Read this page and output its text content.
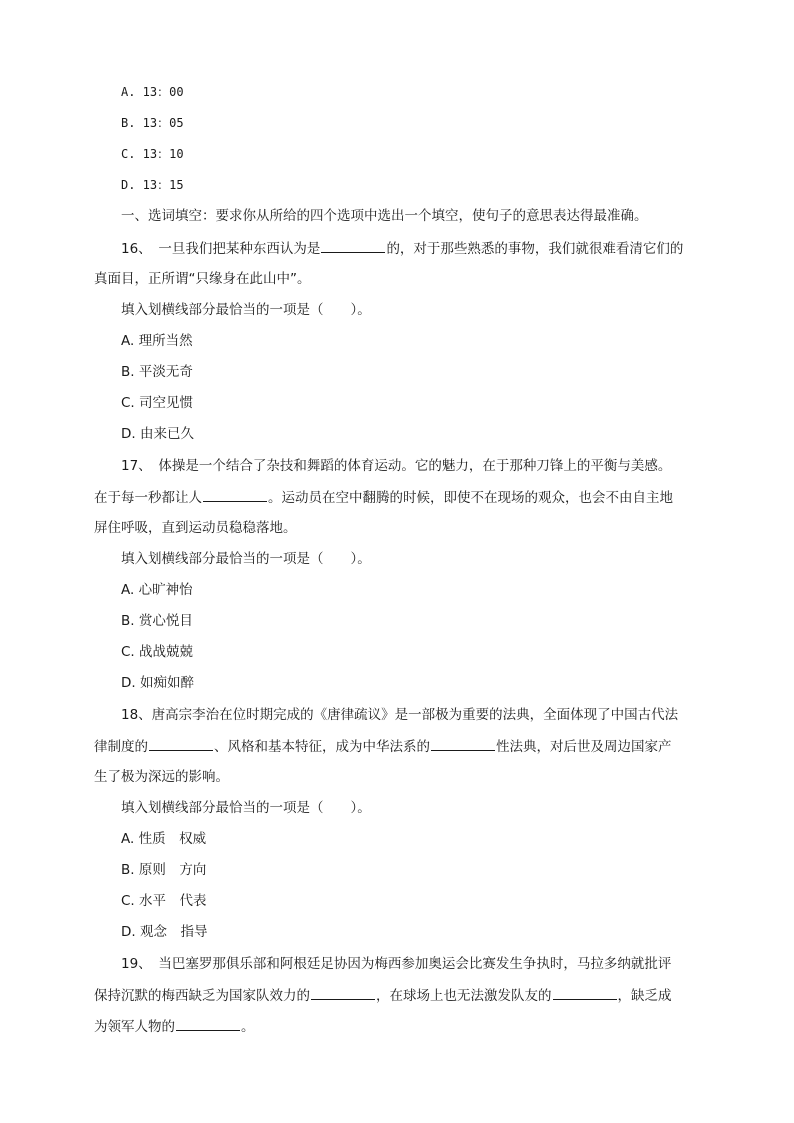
A. 13：00
B. 13：05
C. 13：10
D. 13：15
一、选词填空：要求你从所给的四个选项中选出一个填空，使句子的意思表达得最准确。
16、　一旦我们把某种东西认为是	的，对于那些熟悉的事物，我们就很难看清它们的
真面目，正所谓“只缘身在此山中”。
填入划横线部分最恰当的一项是（　　）。
A. 理所当然
B. 平淡无奇
C. 司空见惯
D. 由来已久
17、　体操是一个结合了杂技和舞蹈的体育运动。它的魅力，在于那种刀锋上的平衡与美感。
在于每一秒都让人	。运动员在空中翻腾的时候，即使不在现场的观众，也会不由自主地
屏住呼吸，直到运动员稳稳落地。
填入划横线部分最恰当的一项是（　　）。
A. 心旷神怡
B. 赏心悦目
C. 战战兢兢
D. 如痴如醉
18、唐高宗李治在位时期完成的《唐律疏议》是一部极为重要的法典，全面体现了中国古代法
律制度的	、风格和基本特征，成为中华法系的	性法典，对后世及周边国家产
生了极为深远的影响。
填入划横线部分最恰当的一项是（　　）。
A. 性质　权威
B. 原则　方向
C. 水平　代表
D. 观念　指导
19、　当巴塞罗那俱乐部和阿根廷足协因为梅西参加奥运会比赛发生争执时，马拉多纳就批评
保持沉默的梅西缺乏为国家队效力的	，在球场上也无法激发队友的	，缺乏成
为领军人物的	。
